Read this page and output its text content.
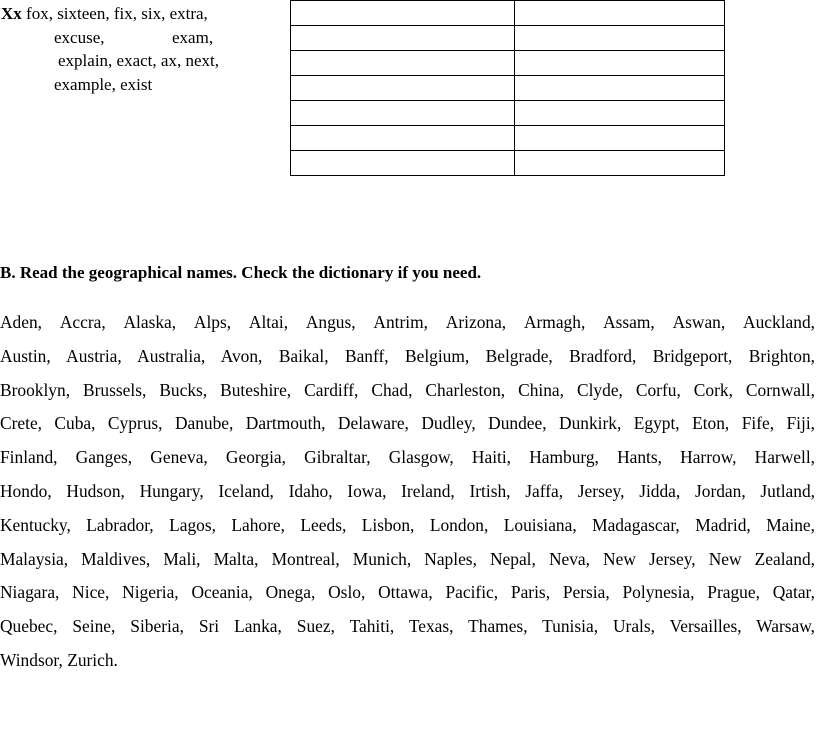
Xx fox, sixteen, fix, six, extra,
excuse,	exam,
explain, exact, ax, next,
example, exist

B. Read the geographical names. Check the dictionary if you need.
Aden, Accra, Alaska, Alps, Altai, Angus, Antrim, Arizona, Armagh, Assam, Aswan, Auckland,
Austin, Austria, Australia, Avon, Baikal, Banff, Belgium, Belgrade, Bradford, Bridgeport, Brighton,
Brooklyn, Brussels, Bucks, Buteshire, Cardiff, Chad, Charleston, China, Clyde, Corfu, Cork, Cornwall,
Crete, Cuba, Cyprus, Danube, Dartmouth, Delaware, Dudley, Dundee, Dunkirk, Egypt, Eton, Fife, Fiji,
Finland, Ganges, Geneva, Georgia, Gibraltar, Glasgow, Haiti, Hamburg, Hants, Harrow, Harwell,
Hondo, Hudson, Hungary, Iceland, Idaho, Iowa, Ireland, Irtish, Jaffa, Jersey, Jidda, Jordan, Jutland,
Kentucky, Labrador, Lagos, Lahore, Leeds, Lisbon, London, Louisiana, Madagascar, Madrid, Maine,
Malaysia, Maldives, Mali, Malta, Montreal, Munich, Naples, Nepal, Neva, New Jersey, New Zealand,
Niagara, Nice, Nigeria, Oceania, Onega, Oslo, Ottawa, Pacific, Paris, Persia, Polynesia, Prague, Qatar,
Quebec, Seine, Siberia, Sri Lanka, Suez, Tahiti, Texas, Thames, Tunisia, Urals, Versailles, Warsaw,
Windsor, Zurich.
